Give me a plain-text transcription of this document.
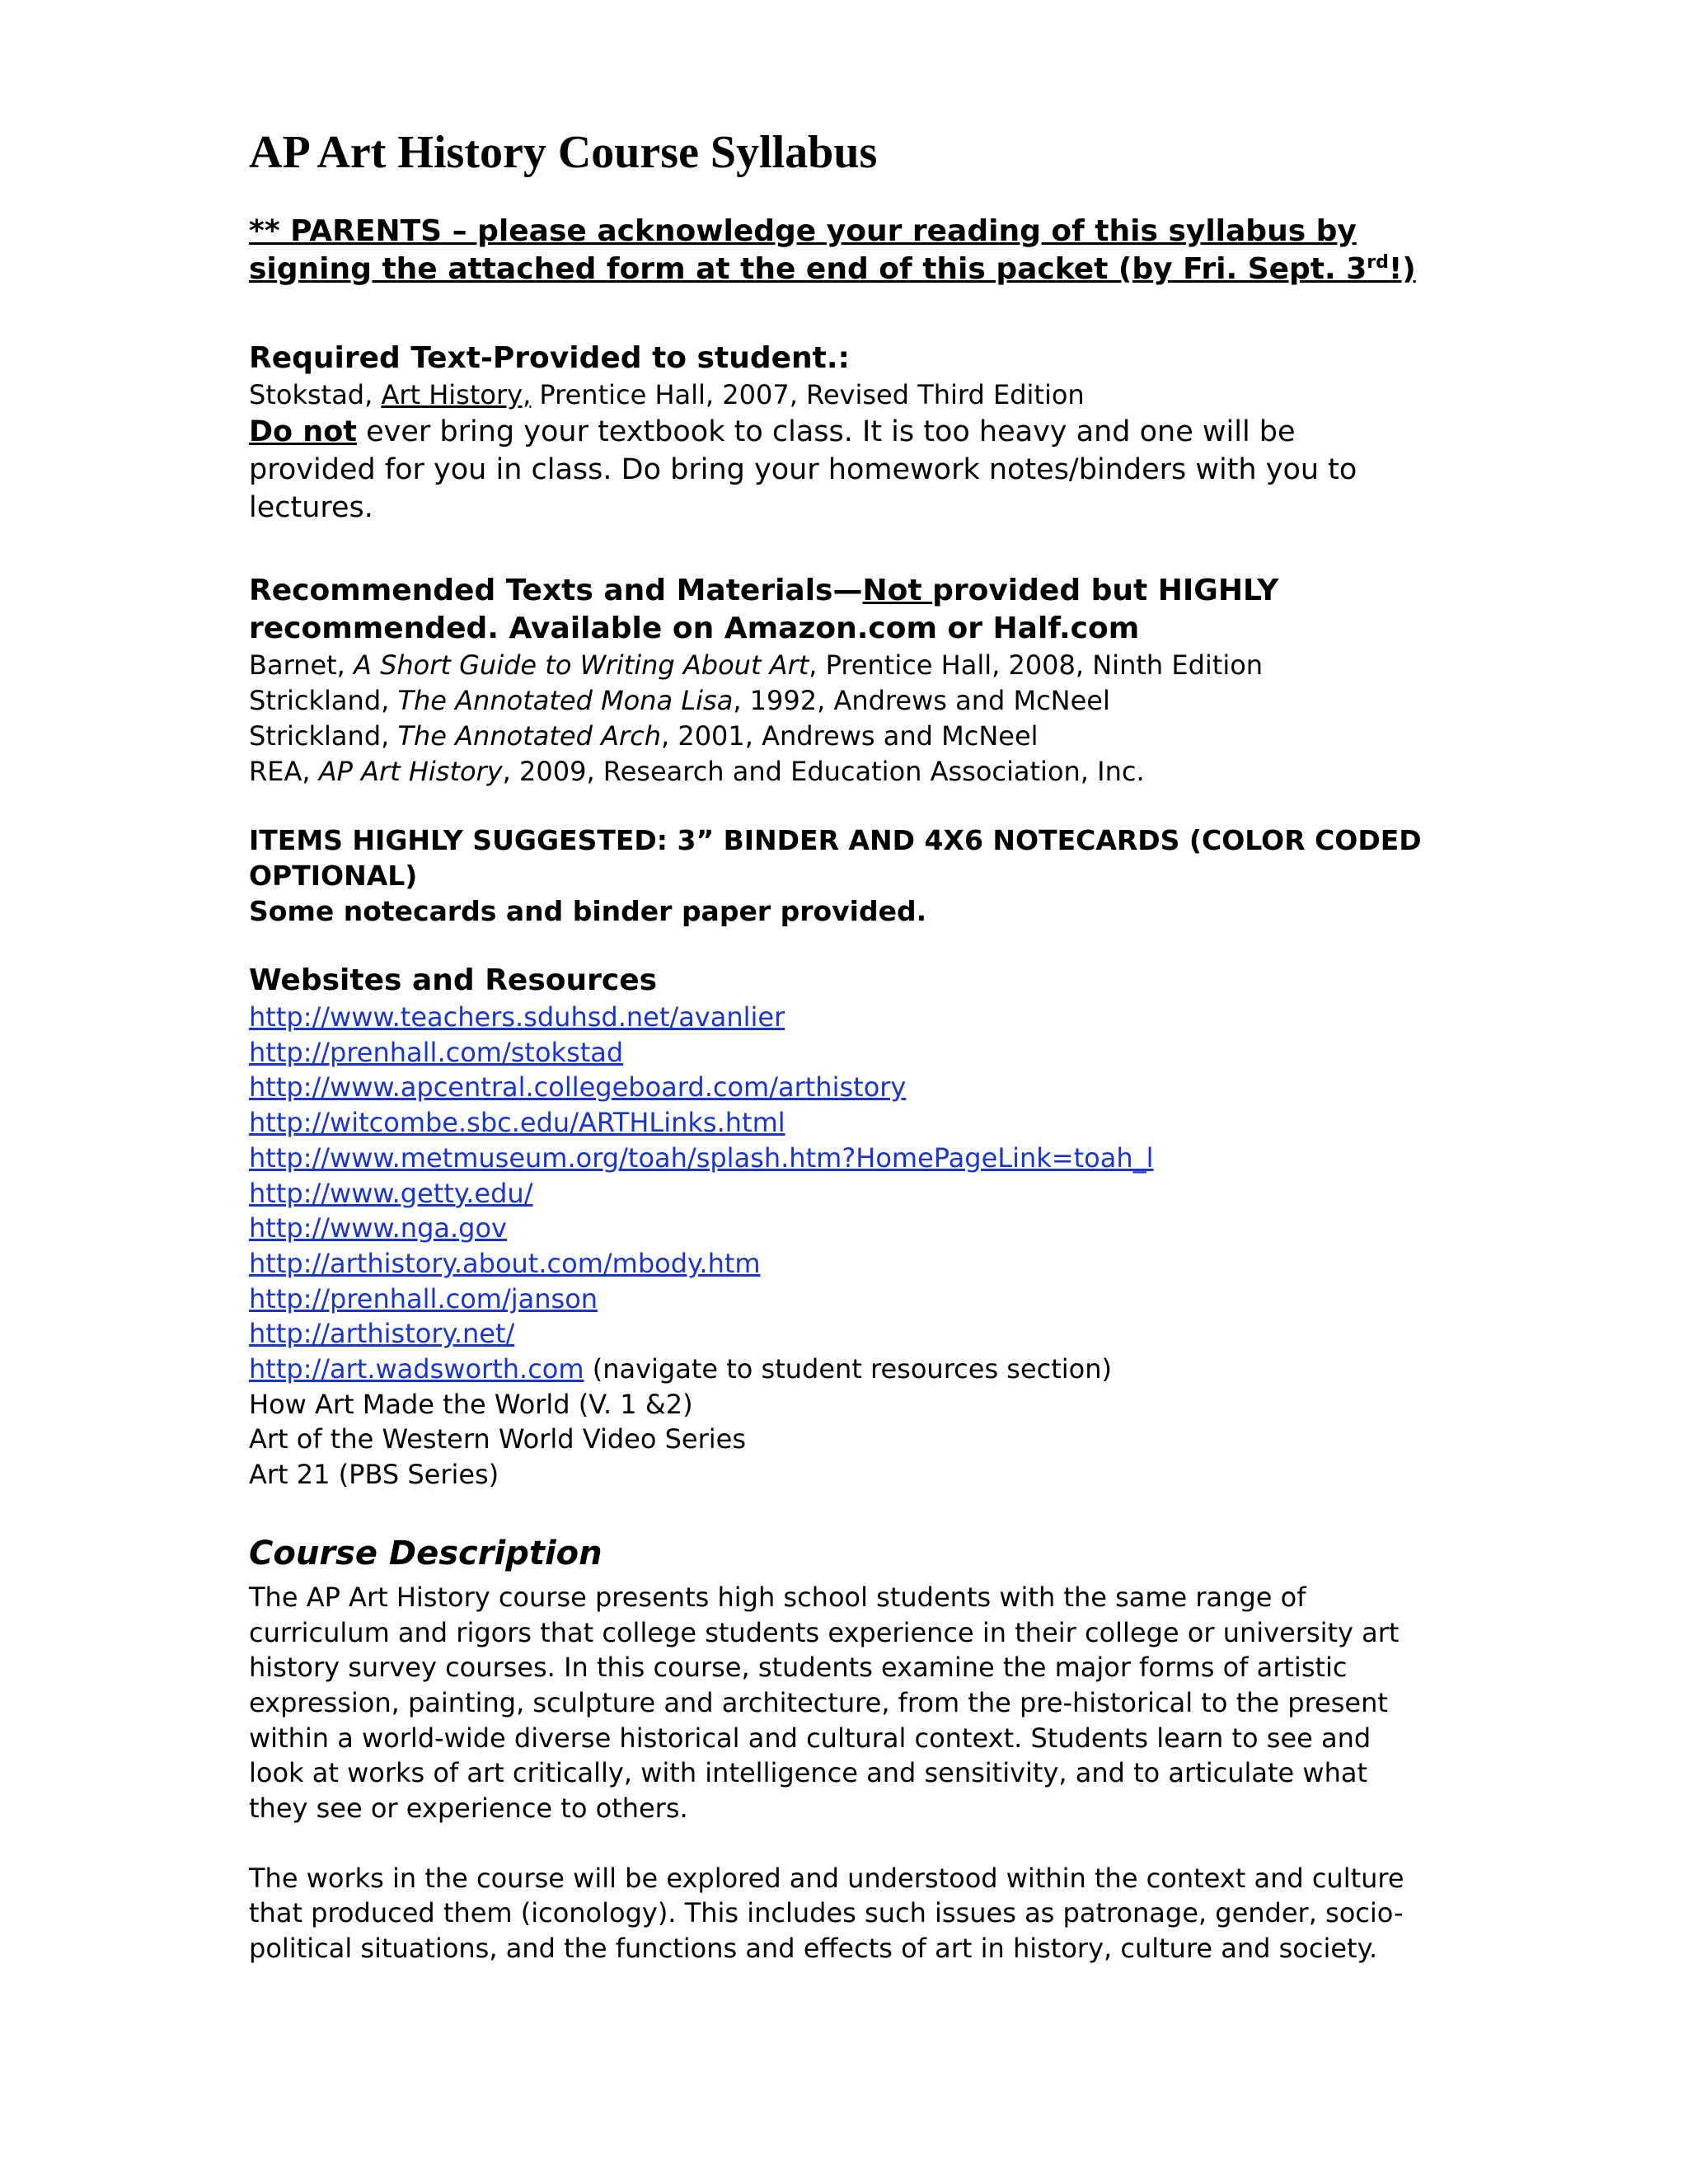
AP Art History Course Syllabus

** PARENTS – please acknowledge your reading of this syllabus by signing the attached form at the end of this packet (by Fri. Sept. 3rd!)

Required Text-Provided to student.:

Stokstad, Art History, Prentice Hall, 2007, Revised Third Edition

Do not ever bring your textbook to class. It is too heavy and one will be provided for you in class. Do bring your homework notes/binders with you to lectures.

Recommended Texts and Materials—Not provided but HIGHLY recommended. Available on Amazon.com or Half.com

Barnet, A Short Guide to Writing About Art, Prentice Hall, 2008, Ninth Edition

Strickland, The Annotated Mona Lisa, 1992, Andrews and McNeel

Strickland, The Annotated Arch, 2001, Andrews and McNeel

REA, AP Art History, 2009, Research and Education Association, Inc.

ITEMS HIGHLY SUGGESTED: 3” BINDER AND 4X6 NOTECARDS (COLOR CODED OPTIONAL)

Some notecards and binder paper provided.

Websites and Resources

http://www.teachers.sduhsd.net/avanlier
http://prenhall.com/stokstad
http://www.apcentral.collegeboard.com/arthistory
http://witcombe.sbc.edu/ARTHLinks.html
http://www.metmuseum.org/toah/splash.htm?HomePageLink=toah_l
http://www.getty.edu/
http://www.nga.gov
http://arthistory.about.com/mbody.htm
http://prenhall.com/janson
http://arthistory.net/

http://art.wadsworth.com (navigate to student resources section)

How Art Made the World (V. 1 &2)

Art of the Western World Video Series

Art 21 (PBS Series)

Course Description

The AP Art History course presents high school students with the same range of curriculum and rigors that college students experience in their college or university art history survey courses. In this course, students examine the major forms of artistic expression, painting, sculpture and architecture, from the pre-historical to the present within a world-wide diverse historical and cultural context. Students learn to see and look at works of art critically, with intelligence and sensitivity, and to articulate what they see or experience to others.

The works in the course will be explored and understood within the context and culture that produced them (iconology). This includes such issues as patronage, gender, socio-political situations, and the functions and effects of art in history, culture and society.
